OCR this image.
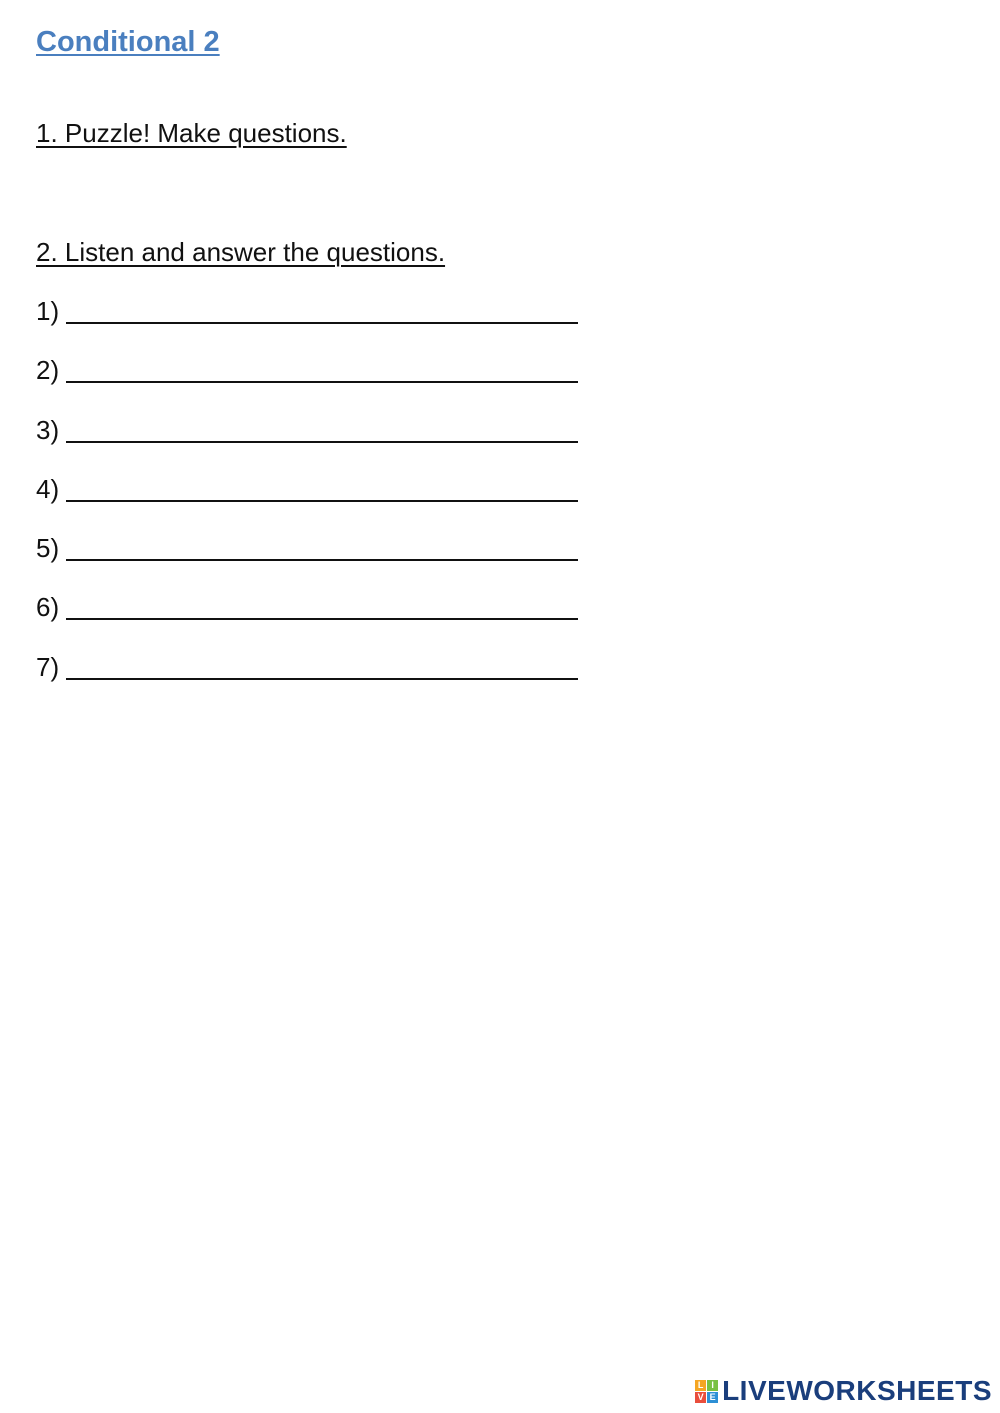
Conditional 2
1. Puzzle! Make questions.
2. Listen and answer the questions.
1)
2)
3)
4)
5)
6)
7)
L I
V E LIVEWORKSHEETS
